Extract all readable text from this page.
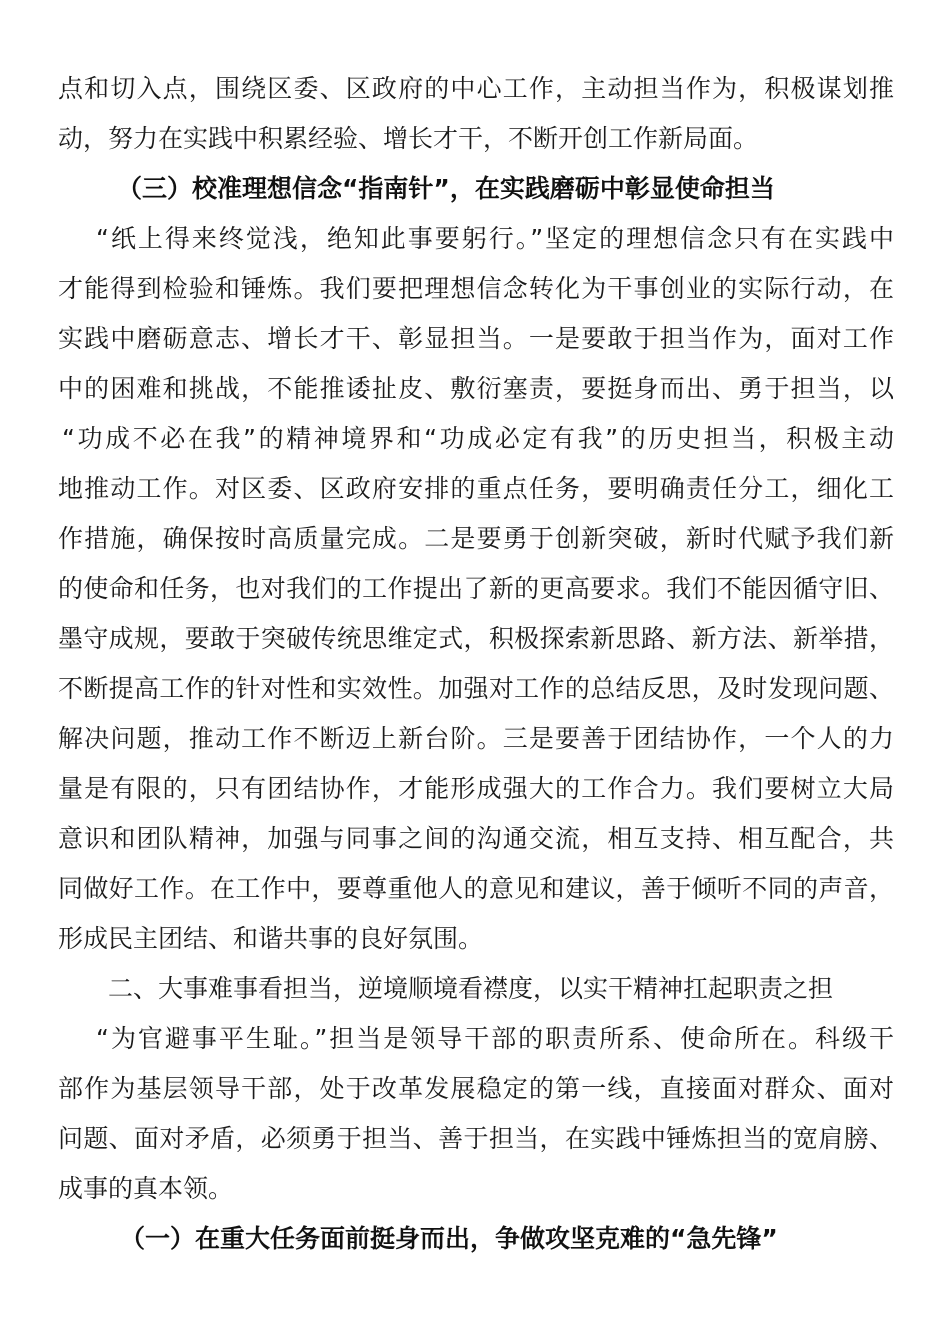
点和切入点，围绕区委、区政府的中心工作，主动担当作为，积极谋划推
动，努力在实践中积累经验、增长才干，不断开创工作新局面。
（三）校准理想信念“指南针”，在实践磨砺中彰显使命担当
“纸上得来终觉浅，绝知此事要躬行。”坚定的理想信念只有在实践中
才能得到检验和锤炼。我们要把理想信念转化为干事创业的实际行动，在
实践中磨砺意志、增长才干、彰显担当。一是要敢于担当作为，面对工作
中的困难和挑战，不能推诿扯皮、敷衍塞责，要挺身而出、勇于担当，以
“功成不必在我”的精神境界和“功成必定有我”的历史担当，积极主动
地推动工作。对区委、区政府安排的重点任务，要明确责任分工，细化工
作措施，确保按时高质量完成。二是要勇于创新突破，新时代赋予我们新
的使命和任务，也对我们的工作提出了新的更高要求。我们不能因循守旧、
墨守成规，要敢于突破传统思维定式，积极探索新思路、新方法、新举措，
不断提高工作的针对性和实效性。加强对工作的总结反思，及时发现问题、
解决问题，推动工作不断迈上新台阶。三是要善于团结协作，一个人的力
量是有限的，只有团结协作，才能形成强大的工作合力。我们要树立大局
意识和团队精神，加强与同事之间的沟通交流，相互支持、相互配合，共
同做好工作。在工作中，要尊重他人的意见和建议，善于倾听不同的声音，
形成民主团结、和谐共事的良好氛围。
二、大事难事看担当，逆境顺境看襟度，以实干精神扛起职责之担
“为官避事平生耻。”担当是领导干部的职责所系、使命所在。科级干
部作为基层领导干部，处于改革发展稳定的第一线，直接面对群众、面对
问题、面对矛盾，必须勇于担当、善于担当，在实践中锤炼担当的宽肩膀、
成事的真本领。
（一）在重大任务面前挺身而出，争做攻坚克难的“急先锋”
